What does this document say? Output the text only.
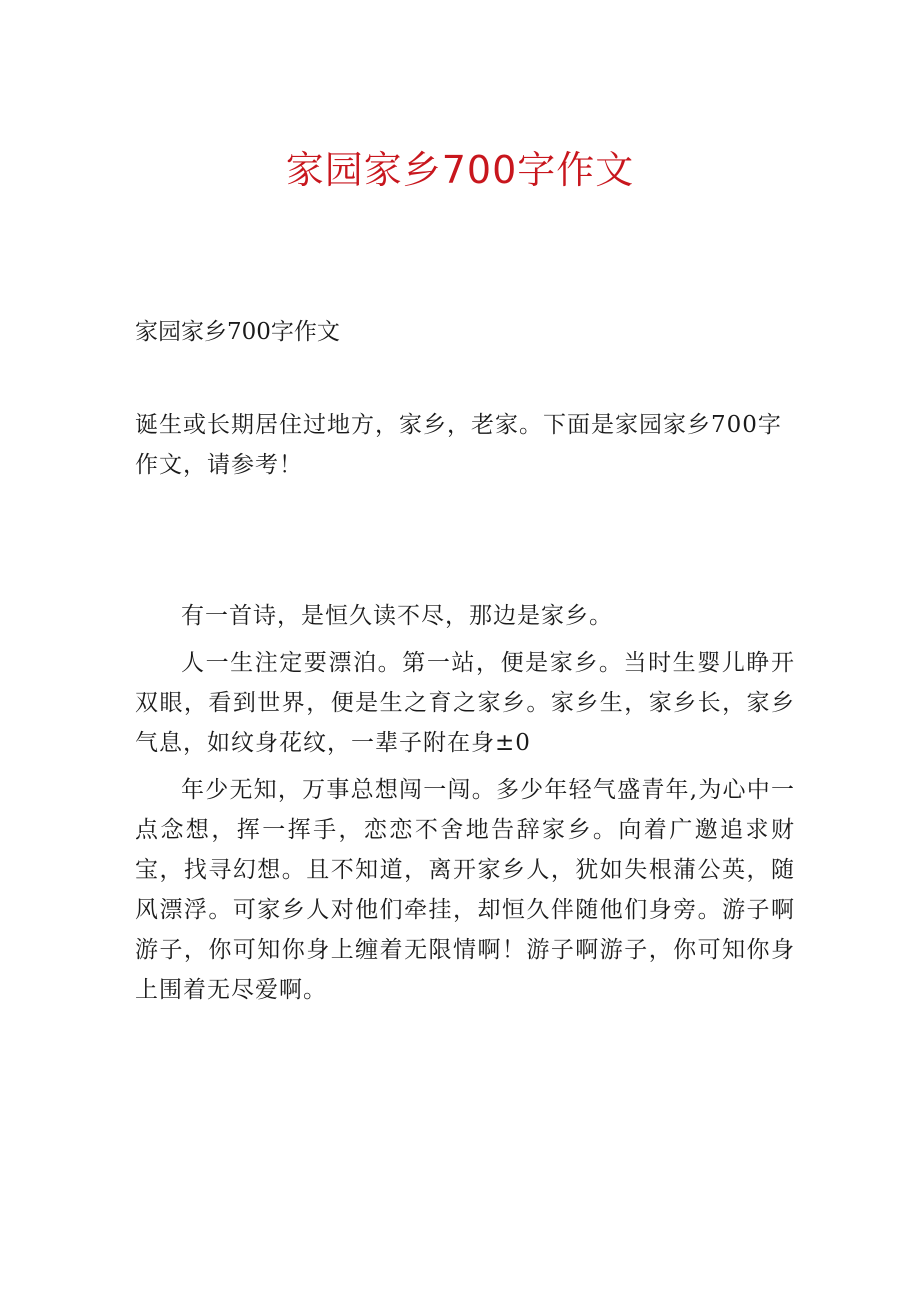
家园家乡700字作文

家园家乡700字作文

诞生或长期居住过地方，家乡，老家。下面是家园家乡700字作文，请参考！

有一首诗，是恒久读不尽，那边是家乡。

人一生注定要漂泊。第一站，便是家乡。当时生婴儿睁开双眼，看到世界，便是生之育之家乡。家乡生，家乡长，家乡气息，如纹身花纹，一辈子附在身±0

年少无知，万事总想闯一闯。多少年轻气盛青年,为心中一点念想，挥一挥手，恋恋不舍地告辞家乡。向着广邀追求财宝，找寻幻想。且不知道，离开家乡人，犹如失根蒲公英，随风漂浮。可家乡人对他们牵挂，却恒久伴随他们身旁。游子啊游子，你可知你身上缠着无限情啊！游子啊游子，你可知你身上围着无尽爱啊。
